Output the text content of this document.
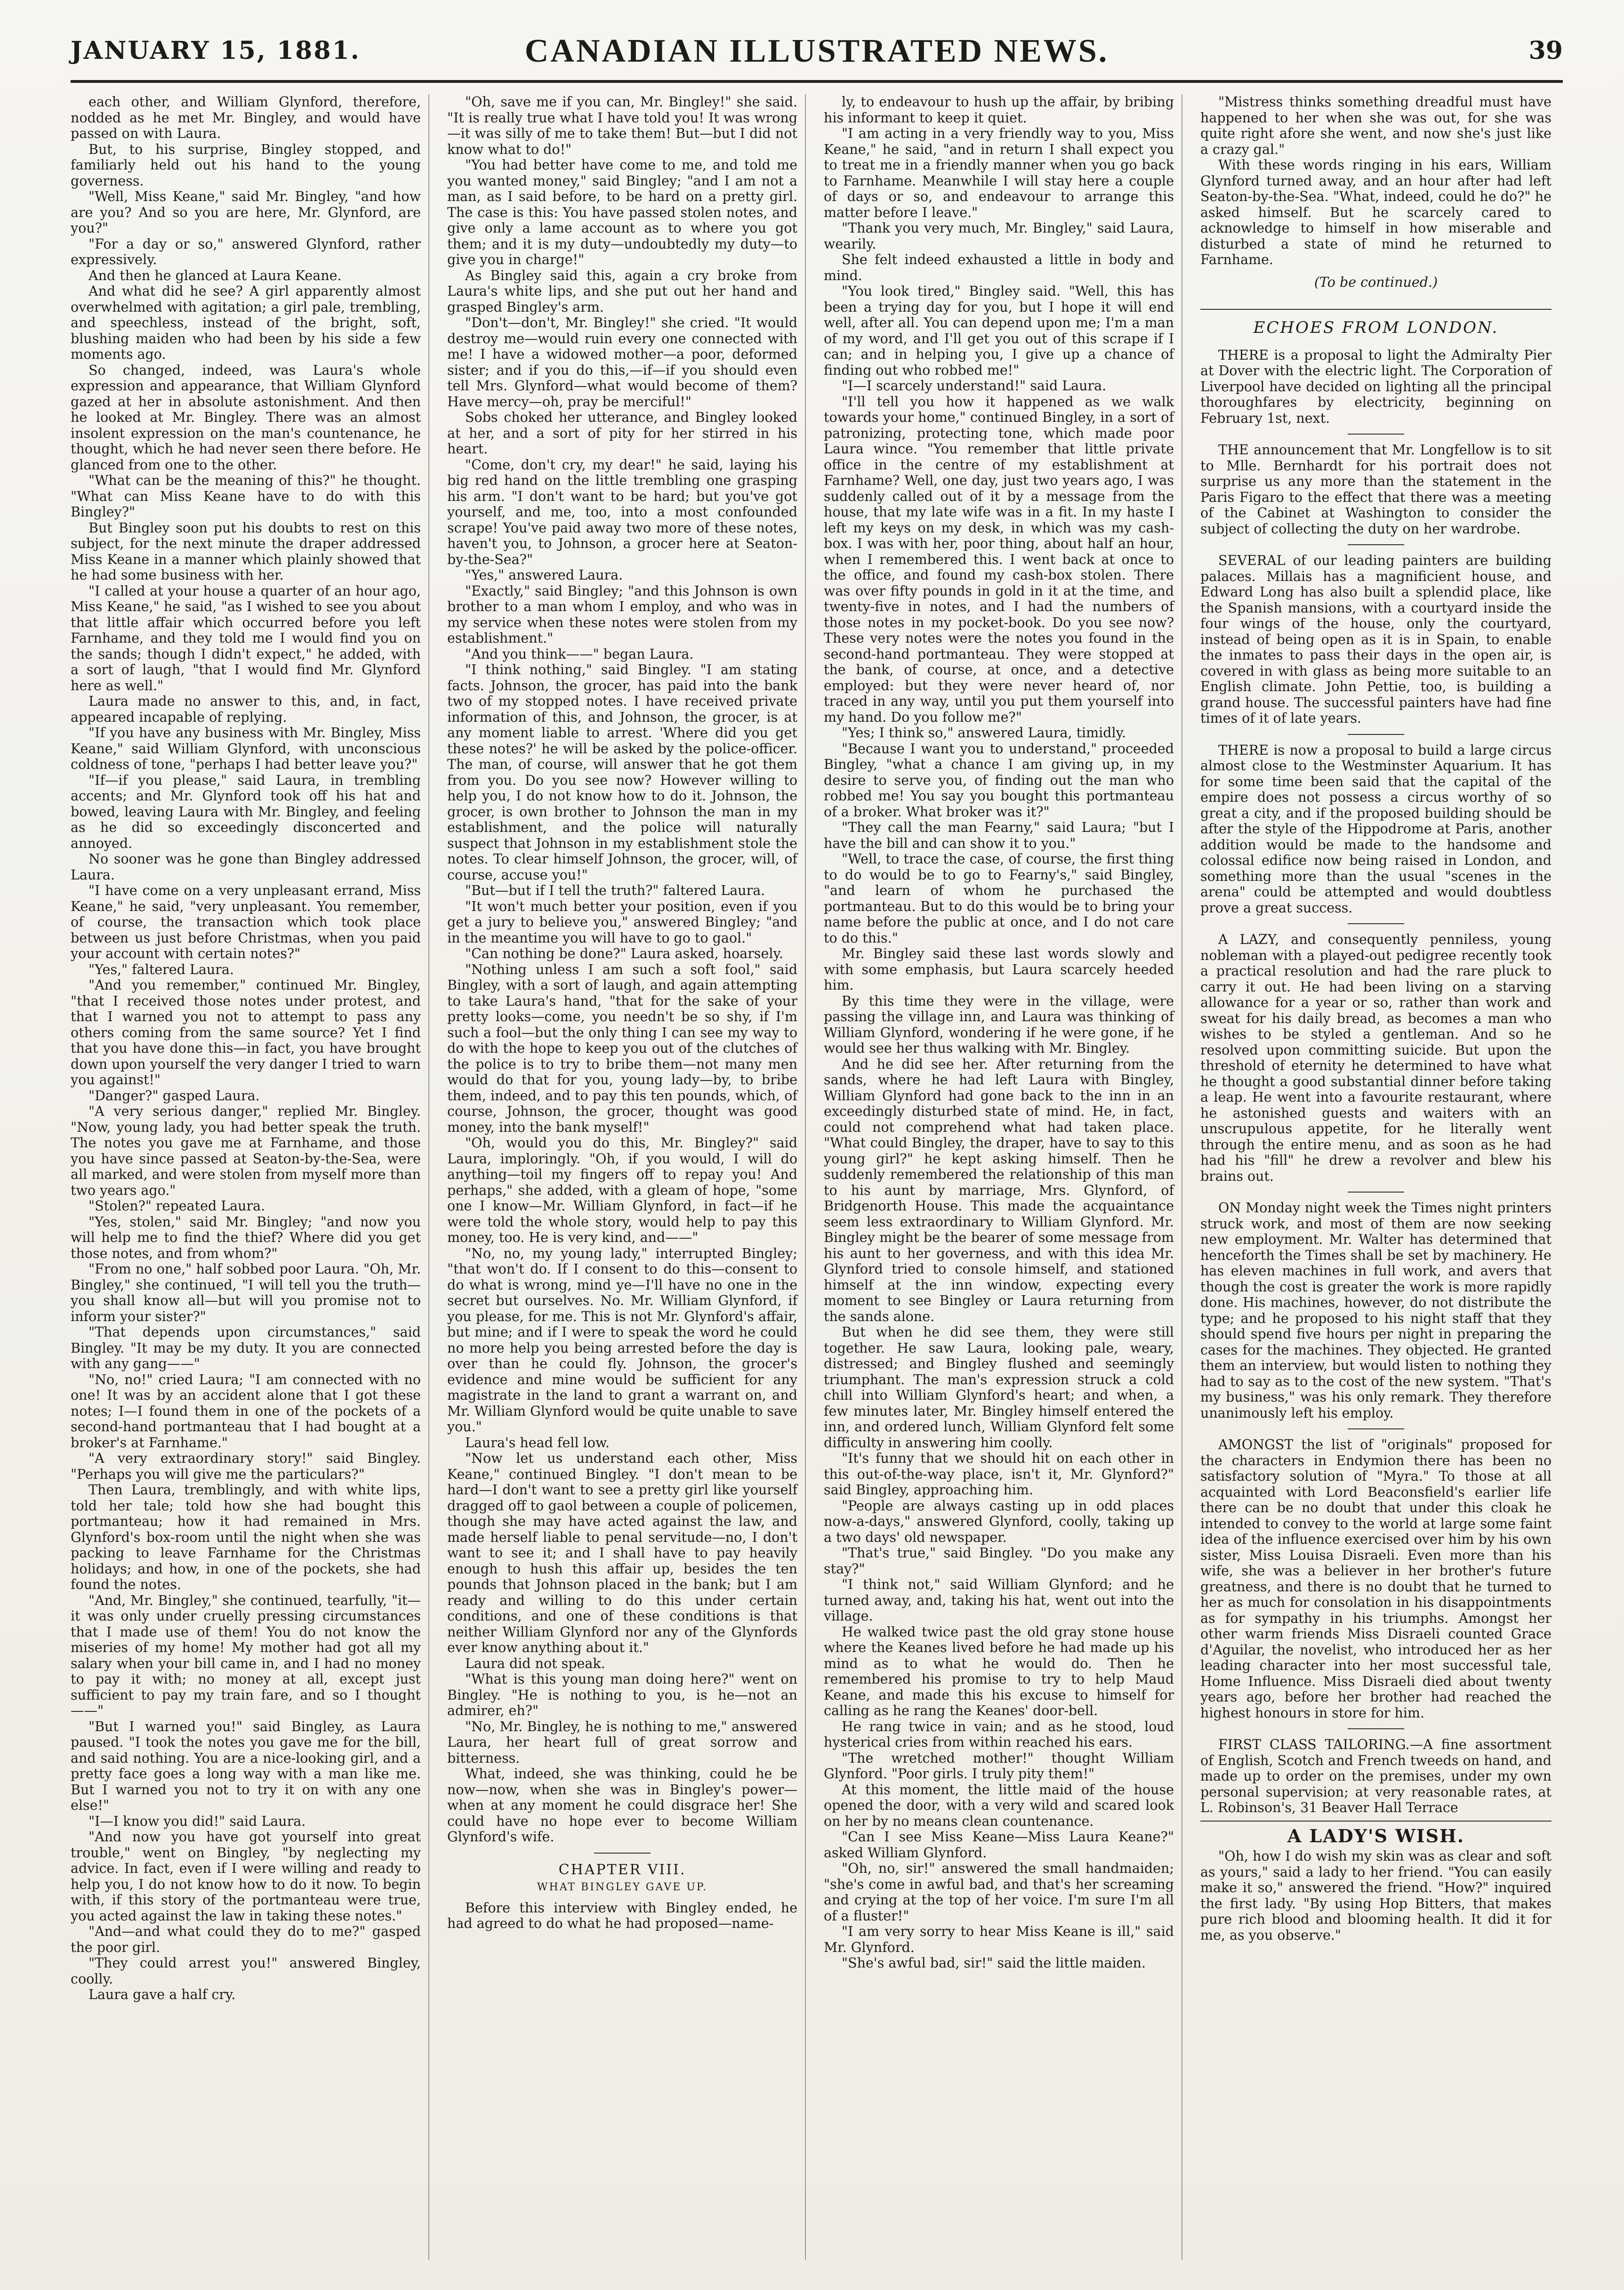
JANUARY 15, 1881.	CANADIAN ILLUSTRATED NEWS.	39

each other, and William Glynford, therefore, nodded as he met Mr. Bingley, and would have passed on with Laura.

But, to his surprise, Bingley stopped, and familiarly held out his hand to the young governess.

"Well, Miss Keane," said Mr. Bingley, "and how are you? And so you are here, Mr. Glynford, are you?"

"For a day or so," answered Glynford, rather expressively.

And then he glanced at Laura Keane.

And what did he see? A girl apparently almost overwhelmed with agitation; a girl pale, trembling, and speechless, instead of the bright, soft, blushing maiden who had been by his side a few moments ago.

So changed, indeed, was Laura's whole expression and appearance, that William Glynford gazed at her in absolute astonishment. And then he looked at Mr. Bingley. There was an almost insolent expression on the man's countenance, he thought, which he had never seen there before. He glanced from one to the other.

"What can be the meaning of this?" he thought. "What can Miss Keane have to do with this Bingley?"

But Bingley soon put his doubts to rest on this subject, for the next minute the draper addressed Miss Keane in a manner which plainly showed that he had some business with her.

"I called at your house a quarter of an hour ago, Miss Keane," he said, "as I wished to see you about that little affair which occurred before you left Farnhame, and they told me I would find you on the sands; though I didn't expect," he added, with a sort of laugh, "that I would find Mr. Glynford here as well."

Laura made no answer to this, and, in fact, appeared incapable of replying.

"If you have any business with Mr. Bingley, Miss Keane," said William Glynford, with unconscious coldness of tone, "perhaps I had better leave you?"

"If—if you please," said Laura, in trembling accents; and Mr. Glynford took off his hat and bowed, leaving Laura with Mr. Bingley, and feeling as he did so exceedingly disconcerted and annoyed.

No sooner was he gone than Bingley addressed Laura.

"I have come on a very unpleasant errand, Miss Keane," he said, "very unpleasant. You remember, of course, the transaction which took place between us just before Christmas, when you paid your account with certain notes?"

"Yes," faltered Laura.

"And you remember," continued Mr. Bingley, "that I received those notes under protest, and that I warned you not to attempt to pass any others coming from the same source? Yet I find that you have done this—in fact, you have brought down upon yourself the very danger I tried to warn you against!"

"Danger?" gasped Laura.

"A very serious danger," replied Mr. Bingley. "Now, young lady, you had better speak the truth. The notes you gave me at Farnhame, and those you have since passed at Seaton-by-the-Sea, were all marked, and were stolen from myself more than two years ago."

"Stolen?" repeated Laura.

"Yes, stolen," said Mr. Bingley; "and now you will help me to find the thief? Where did you get those notes, and from whom?"

"From no one," half sobbed poor Laura. "Oh, Mr. Bingley," she continued, "I will tell you the truth—you shall know all—but will you promise not to inform your sister?"

"That depends upon circumstances," said Bingley. "It may be my duty. It you are connected with any gang——"

"No, no!" cried Laura; "I am connected with no one! It was by an accident alone that I got these notes; I—I found them in one of the pockets of a second-hand portmanteau that I had bought at a broker's at Farnhame."

"A very extraordinary story!" said Bingley. "Perhaps you will give me the particulars?"

Then Laura, tremblingly, and with white lips, told her tale; told how she had bought this portmanteau; how it had remained in Mrs. Glynford's box-room until the night when she was packing to leave Farnhame for the Christmas holidays; and how, in one of the pockets, she had found the notes.

"And, Mr. Bingley," she continued, tearfully, "it—it was only under cruelly pressing circumstances that I made use of them! You do not know the miseries of my home! My mother had got all my salary when your bill came in, and I had no money to pay it with; no money at all, except just sufficient to pay my train fare, and so I thought——"

"But I warned you!" said Bingley, as Laura paused. "I took the notes you gave me for the bill, and said nothing. You are a nice-looking girl, and a pretty face goes a long way with a man like me. But I warned you not to try it on with any one else!"

"I—I know you did!" said Laura.

"And now you have got yourself into great trouble," went on Bingley, "by neglecting my advice. In fact, even if I were willing and ready to help you, I do not know how to do it now. To begin with, if this story of the portmanteau were true, you acted against the law in taking these notes."

"And—and what could they do to me?" gasped the poor girl.

"They could arrest you!" answered Bingley, coolly.

Laura gave a half cry.

"Oh, save me if you can, Mr. Bingley!" she said. "It is really true what I have told you! It was wrong—it was silly of me to take them! But—but I did not know what to do!"

"You had better have come to me, and told me you wanted money," said Bingley; "and I am not a man, as I said before, to be hard on a pretty girl. The case is this: You have passed stolen notes, and give only a lame account as to where you got them; and it is my duty—undoubtedly my duty—to give you in charge!"

As Bingley said this, again a cry broke from Laura's white lips, and she put out her hand and grasped Bingley's arm.

"Don't—don't, Mr. Bingley!" she cried. "It would destroy me—would ruin every one connected with me! I have a widowed mother—a poor, deformed sister; and if you do this,—if—if you should even tell Mrs. Glynford—what would become of them? Have mercy—oh, pray be merciful!"

Sobs choked her utterance, and Bingley looked at her, and a sort of pity for her stirred in his heart.

"Come, don't cry, my dear!" he said, laying his big red hand on the little trembling one grasping his arm. "I don't want to be hard; but you've got yourself, and me, too, into a most confounded scrape! You've paid away two more of these notes, haven't you, to Johnson, a grocer here at Seaton-by-the-Sea?"

"Yes," answered Laura.

"Exactly," said Bingley; "and this Johnson is own brother to a man whom I employ, and who was in my service when these notes were stolen from my establishment."

"And you think——" began Laura.

"I think nothing," said Bingley. "I am stating facts. Johnson, the grocer, has paid into the bank two of my stopped notes. I have received private information of this, and Johnson, the grocer, is at any moment liable to arrest. 'Where did you get these notes?' he will be asked by the police-officer. The man, of course, will answer that he got them from you. Do you see now? However willing to help you, I do not know how to do it. Johnson, the grocer, is own brother to Johnson the man in my establishment, and the police will naturally suspect that Johnson in my establishment stole the notes. To clear himself Johnson, the grocer, will, of course, accuse you!"

"But—but if I tell the truth?" faltered Laura.

"It won't much better your position, even if you get a jury to believe you," answered Bingley; "and in the meantime you will have to go to gaol."

"Can nothing be done?" Laura asked, hoarsely.

"Nothing unless I am such a soft fool," said Bingley, with a sort of laugh, and again attempting to take Laura's hand, "that for the sake of your pretty looks—come, you needn't be so shy, if I'm such a fool—but the only thing I can see my way to do with the hope to keep you out of the clutches of the police is to try to bribe them—not many men would do that for you, young lady—by, to bribe them, indeed, and to pay this ten pounds, which, of course, Johnson, the grocer, thought was good money, into the bank myself!"

"Oh, would you do this, Mr. Bingley?" said Laura, imploringly. "Oh, if you would, I will do anything—toil my fingers off to repay you! And perhaps," she added, with a gleam of hope, "some one I know—Mr. William Glynford, in fact—if he were told the whole story, would help to pay this money, too. He is very kind, and——"

"No, no, my young lady," interrupted Bingley; "that won't do. If I consent to do this—consent to do what is wrong, mind ye—I'll have no one in the secret but ourselves. No. Mr. William Glynford, if you please, for me. This is not Mr. Glynford's affair, but mine; and if I were to speak the word he could no more help you being arrested before the day is over than he could fly. Johnson, the grocer's evidence and mine would be sufficient for any magistrate in the land to grant a warrant on, and Mr. William Glynford would be quite unable to save you."

Laura's head fell low.

"Now let us understand each other, Miss Keane," continued Bingley. "I don't mean to be hard—I don't want to see a pretty girl like yourself dragged off to gaol between a couple of policemen, though she may have acted against the law, and made herself liable to penal servitude—no, I don't want to see it; and I shall have to pay heavily enough to hush this affair up, besides the ten pounds that Johnson placed in the bank; but I am ready and willing to do this under certain conditions, and one of these conditions is that neither William Glynford nor any of the Glynfords ever know anything about it."

Laura did not speak.

"What is this young man doing here?" went on Bingley. "He is nothing to you, is he—not an admirer, eh?"

"No, Mr. Bingley, he is nothing to me," answered Laura, her heart full of great sorrow and bitterness.

What, indeed, she was thinking, could he be now—now, when she was in Bingley's power—when at any moment he could disgrace her! She could have no hope ever to become William Glynford's wife.

CHAPTER VIII.
WHAT BINGLEY GAVE UP.

Before this interview with Bingley ended, he had agreed to do what he had proposed—name-

ly, to endeavour to hush up the affair, by bribing his informant to keep it quiet.

"I am acting in a very friendly way to you, Miss Keane," he said, "and in return I shall expect you to treat me in a friendly manner when you go back to Farnhame. Meanwhile I will stay here a couple of days or so, and endeavour to arrange this matter before I leave."

"Thank you very much, Mr. Bingley," said Laura, wearily.

She felt indeed exhausted a little in body and mind.

"You look tired," Bingley said. "Well, this has been a trying day for you, but I hope it will end well, after all. You can depend upon me; I'm a man of my word, and I'll get you out of this scrape if I can; and in helping you, I give up a chance of finding out who robbed me!"

"I—I scarcely understand!" said Laura.

"I'll tell you how it happened as we walk towards your home," continued Bingley, in a sort of patronizing, protecting tone, which made poor Laura wince. "You remember that little private office in the centre of my establishment at Farnhame? Well, one day, just two years ago, I was suddenly called out of it by a message from the house, that my late wife was in a fit. In my haste I left my keys on my desk, in which was my cash-box. I was with her, poor thing, about half an hour, when I remembered this. I went back at once to the office, and found my cash-box stolen. There was over fifty pounds in gold in it at the time, and twenty-five in notes, and I had the numbers of those notes in my pocket-book. Do you see now? These very notes were the notes you found in the second-hand portmanteau. They were stopped at the bank, of course, at once, and a detective employed: but they were never heard of, nor traced in any way, until you put them yourself into my hand. Do you follow me?"

"Yes; I think so," answered Laura, timidly.

"Because I want you to understand," proceeded Bingley, "what a chance I am giving up, in my desire to serve you, of finding out the man who robbed me! You say you bought this portmanteau of a broker. What broker was it?"

"They call the man Fearny," said Laura; "but I have the bill and can show it to you."

"Well, to trace the case, of course, the first thing to do would be to go to Fearny's," said Bingley, "and learn of whom he purchased the portmanteau. But to do this would be to bring your name before the public at once, and I do not care to do this."

Mr. Bingley said these last words slowly and with some emphasis, but Laura scarcely heeded him.

By this time they were in the village, were passing the village inn, and Laura was thinking of William Glynford, wondering if he were gone, if he would see her thus walking with Mr. Bingley.

And he did see her. After returning from the sands, where he had left Laura with Bingley, William Glynford had gone back to the inn in an exceedingly disturbed state of mind. He, in fact, could not comprehend what had taken place. "What could Bingley, the draper, have to say to this young girl?" he kept asking himself. Then he suddenly remembered the relationship of this man to his aunt by marriage, Mrs. Glynford, of Bridgenorth House. This made the acquaintance seem less extraordinary to William Glynford. Mr. Bingley might be the bearer of some message from his aunt to her governess, and with this idea Mr. Glynford tried to console himself, and stationed himself at the inn window, expecting every moment to see Bingley or Laura returning from the sands alone.

But when he did see them, they were still together. He saw Laura, looking pale, weary, distressed; and Bingley flushed and seemingly triumphant. The man's expression struck a cold chill into William Glynford's heart; and when, a few minutes later, Mr. Bingley himself entered the inn, and ordered lunch, William Glynford felt some difficulty in answering him coolly.

"It's funny that we should hit on each other in this out-of-the-way place, isn't it, Mr. Glynford?" said Bingley, approaching him.

"People are always casting up in odd places now-a-days," answered Glynford, coolly, taking up a two days' old newspaper.

"That's true," said Bingley. "Do you make any stay?"

"I think not," said William Glynford; and he turned away, and, taking his hat, went out into the village.

He walked twice past the old gray stone house where the Keanes lived before he had made up his mind as to what he would do. Then he remembered his promise to try to help Maud Keane, and made this his excuse to himself for calling as he rang the Keanes' door-bell.

He rang twice in vain; and as he stood, loud hysterical cries from within reached his ears.

"The wretched mother!" thought William Glynford. "Poor girls. I truly pity them!"

At this moment, the little maid of the house opened the door, with a very wild and scared look on her by no means clean countenance.

"Can I see Miss Keane—Miss Laura Keane?" asked William Glynford.

"Oh, no, sir!" answered the small handmaiden; "she's come in awful bad, and that's her screaming and crying at the top of her voice. I'm sure I'm all of a fluster!"

"I am very sorry to hear Miss Keane is ill," said Mr. Glynford.

"She's awful bad, sir!" said the little maiden.

"Mistress thinks something dreadful must have happened to her when she was out, for she was quite right afore she went, and now she's just like a crazy gal."

With these words ringing in his ears, William Glynford turned away, and an hour after had left Seaton-by-the-Sea. "What, indeed, could he do?" he asked himself. But he scarcely cared to acknowledge to himself in how miserable and disturbed a state of mind he returned to Farnhame.

(To be continued.)
ECHOES FROM LONDON.

THERE is a proposal to light the Admiralty Pier at Dover with the electric light. The Corporation of Liverpool have decided on lighting all the principal thoroughfares by electricity, beginning on February 1st, next.

THE announcement that Mr. Longfellow is to sit to Mlle. Bernhardt for his portrait does not surprise us any more than the statement in the Paris Figaro to the effect that there was a meeting of the Cabinet at Washington to consider the subject of collecting the duty on her wardrobe.

SEVERAL of our leading painters are building palaces. Millais has a magnificient house, and Edward Long has also built a splendid place, like the Spanish mansions, with a courtyard inside the four wings of the house, only the courtyard, instead of being open as it is in Spain, to enable the inmates to pass their days in the open air, is covered in with glass as being more suitable to an English climate. John Pettie, too, is building a grand house. The successful painters have had fine times of it of late years.

THERE is now a proposal to build a large circus almost close to the Westminster Aquarium. It has for some time been said that the capital of the empire does not possess a circus worthy of so great a city, and if the proposed building should be after the style of the Hippodrome at Paris, another addition would be made to the handsome and colossal edifice now being raised in London, and something more than the usual "scenes in the arena" could be attempted and would doubtless prove a great success.

A LAZY, and consequently penniless, young nobleman with a played-out pedigree recently took a practical resolution and had the rare pluck to carry it out. He had been living on a starving allowance for a year or so, rather than work and sweat for his daily bread, as becomes a man who wishes to be styled a gentleman. And so he resolved upon committing suicide. But upon the threshold of eternity he determined to have what he thought a good substantial dinner before taking a leap. He went into a favourite restaurant, where he astonished guests and waiters with an unscrupulous appetite, for he literally went through the entire menu, and as soon as he had had his "fill" he drew a revolver and blew his brains out.

ON Monday night week the Times night printers struck work, and most of them are now seeking new employment. Mr. Walter has determined that henceforth the Times shall be set by machinery. He has eleven machines in full work, and avers that though the cost is greater the work is more rapidly done. His machines, however, do not distribute the type; and he proposed to his night staff that they should spend five hours per night in preparing the cases for the machines. They objected. He granted them an interview, but would listen to nothing they had to say as to the cost of the new system. "That's my business," was his only remark. They therefore unanimously left his employ.

AMONGST the list of "originals" proposed for the characters in Endymion there has been no satisfactory solution of "Myra." To those at all acquainted with Lord Beaconsfield's earlier life there can be no doubt that under this cloak he intended to convey to the world at large some faint idea of the influence exercised over him by his own sister, Miss Louisa Disraeli. Even more than his wife, she was a believer in her brother's future greatness, and there is no doubt that he turned to her as much for consolation in his disappointments as for sympathy in his triumphs. Amongst her other warm friends Miss Disraeli counted Grace d'Aguilar, the novelist, who introduced her as her leading character into her most successful tale, Home Influence. Miss Disraeli died about twenty years ago, before her brother had reached the highest honours in store for him.

FIRST CLASS TAILORING.—A fine assortment of English, Scotch and French tweeds on hand, and made up to order on the premises, under my own personal supervision; at very reasonable rates, at L. Robinson's, 31 Beaver Hall Terrace

A LADY'S WISH.

"Oh, how I do wish my skin was as clear and soft as yours," said a lady to her friend. "You can easily make it so," answered the friend. "How?" inquired the first lady. "By using Hop Bitters, that makes pure rich blood and blooming health. It did it for me, as you observe."
